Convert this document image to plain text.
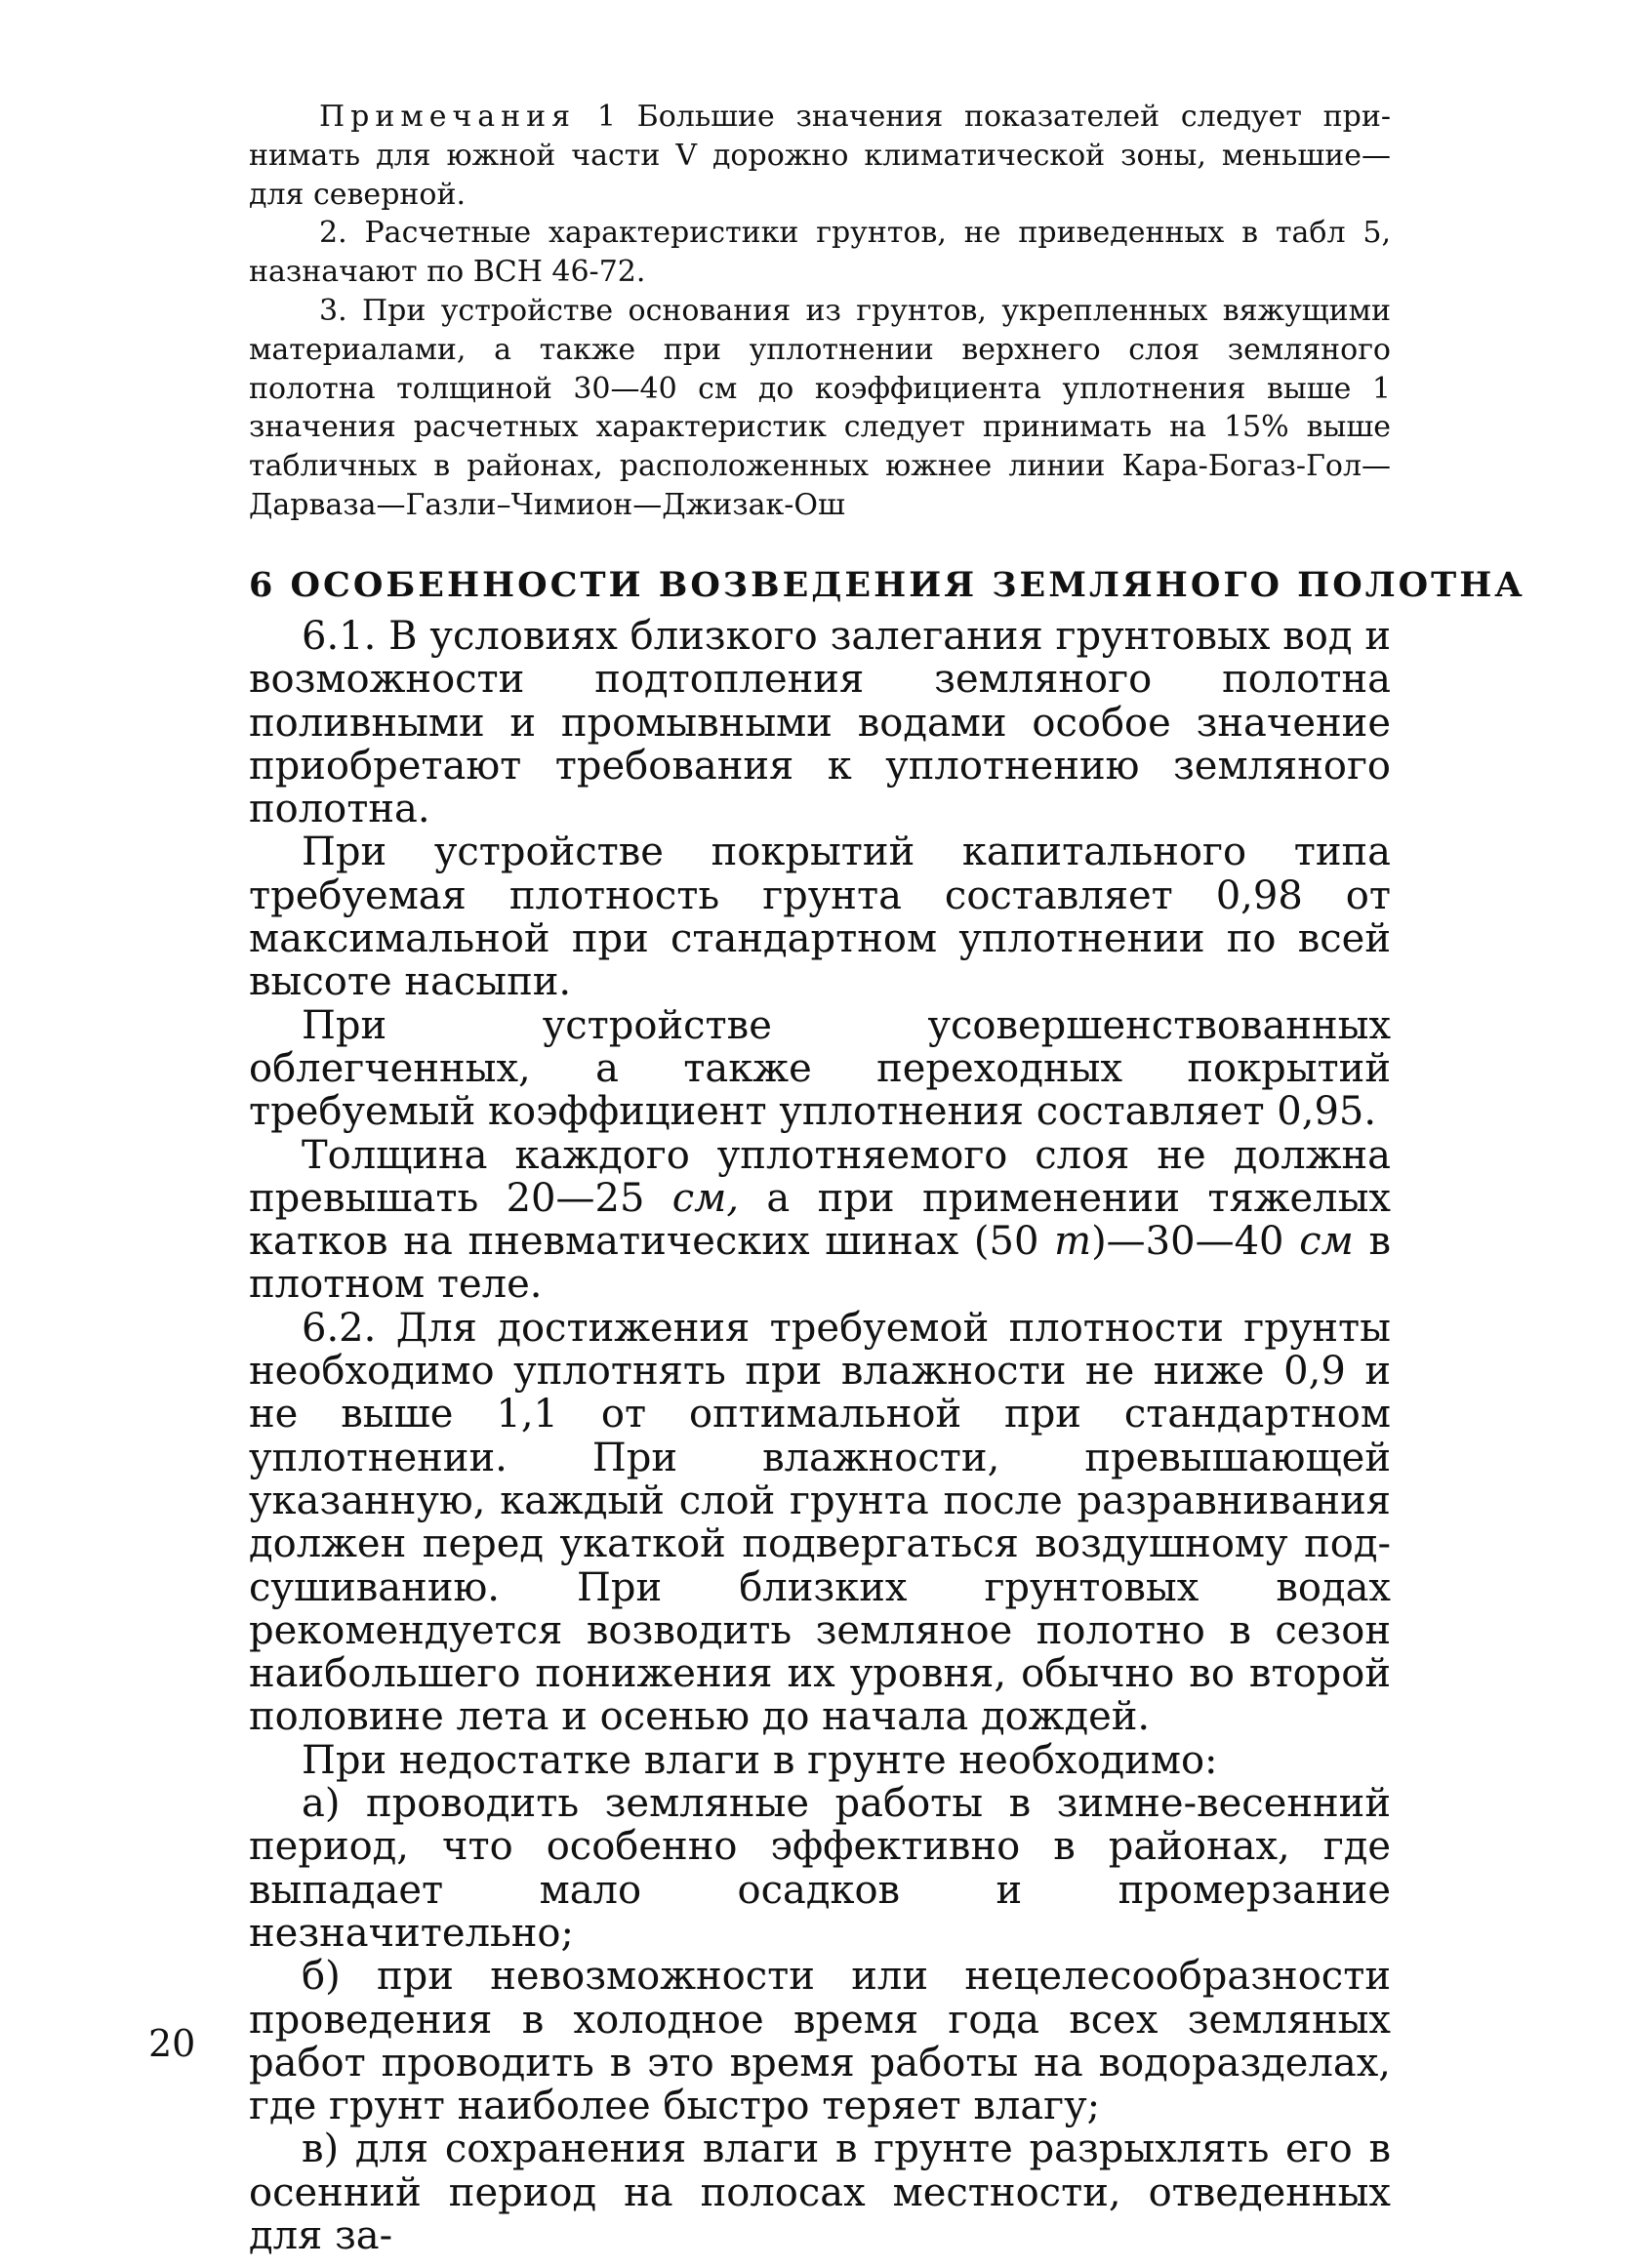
Примечания 1 Большие значения показателей следует принимать для южной части V дорожно климатической зоны, меньшие— для северной.

2. Расчетные характеристики грунтов, не приведенных в табл 5, назначают по ВСН 46-72.

3. При устройстве основания из грунтов, укрепленных вяжущими материалами, а также при уплотнении верхнего слоя земляного полотна толщиной 30—40 см до коэффициента уплотнения выше 1 значения расчетных характеристик следует принимать на 15% выше табличных в районах, расположенных южнее линии Кара-Богаз-Гол—Дарваза—Газли–Чимион—Джизак-Ош

6 ОСОБЕННОСТИ ВОЗВЕДЕНИЯ ЗЕМЛЯНОГО ПОЛОТНА

6.1. В условиях близкого залегания грунтовых вод и возможности подтопления земляного полотна поливными и промывными водами особое значение приобретают требования к уплотнению земляного полотна.

При устройстве покрытий капитального типа требуемая плотность грунта составляет 0,98 от максимальной при стандартном уплотнении по всей высоте насыпи.

При устройстве усовершенствованных облегченных, а также переходных покрытий требуемый коэффициент уплотнения составляет 0,95.

Толщина каждого уплотняемого слоя не должна превышать 20—25 см, а при применении тяжелых катков на пневматических шинах (50 т)—30—40 см в плотном теле.

6.2. Для достижения требуемой плотности грунты необходимо уплотнять при влажности не ниже 0,9 и не выше 1,1 от оптимальной при стандартном уплотнении. При влажности, превышающей указанную, каждый слой грунта после разравнивания должен перед укаткой подвергаться воздушному подсушиванию. При близких грунтовых водах рекомендуется возводить земляное полотно в сезон наибольшего понижения их уровня, обычно во второй половине лета и осенью до начала дождей.

При недостатке влаги в грунте необходимо:

а) проводить земляные работы в зимне-весенний период, что особенно эффективно в районах, где выпадает мало осадков и промерзание незначительно;

б) при невозможности или нецелесообразности проведения в холодное время года всех земляных работ проводить в это время работы на водоразделах, где грунт наиболее быстро теряет влагу;

в) для сохранения влаги в грунте разрыхлять его в осенний период на полосах местности, отведенных для за-

20
